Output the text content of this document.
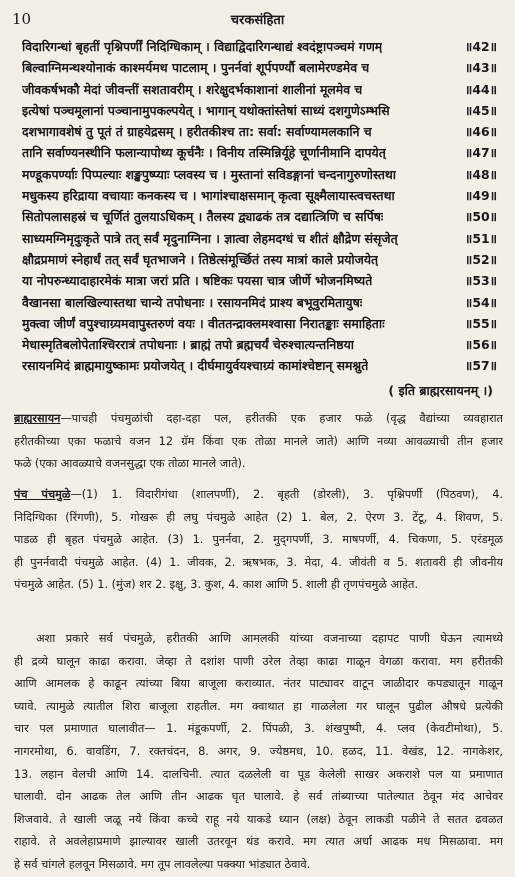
10	चरकसंहिता
विदारिगन्धां बृहतीं पृश्निपर्णीं निदिग्धिकाम् । विद्याद्विदारिगन्धाद्यं श्वदंष्ट्रापञ्चमं गणम्	॥42॥
बिल्वाग्निमन्थश्योनाकं काश्मर्यमथ पाटलाम् । पुनर्नवां शूर्पपर्ण्यौ बलामेरण्डमेव च	॥43॥
जीवकर्षभकौ मेदां जीवन्तीं सशतावरीम् । शरेक्षुदर्भकाशानां शालीनां मूलमेव च	॥44॥
इत्येषां पञ्चमूलानां पञ्चानामुपकल्पयेत् । भागान् यथोक्तांस्तेषां साध्यं दशगुणेऽम्भसि	॥45॥
दशभागावशेषं तु पूतं तं ग्राहयेद्रसम् । हरीतकीश्च ता: सर्वा: सर्वाण्यामलकानि च	॥46॥
तानि सर्वाण्यनस्थीनि फलान्यापोथ्य कूर्चनैः । विनीय तस्मिन्निर्यूहे चूर्णानीमानि दापयेत्	॥47॥
मण्डूकपर्ण्याः पिप्पल्याः शङ्खपुष्प्याः प्लवस्य च । मुस्तानां सविडङ्गानां चन्दनागुरुणोस्तथा	॥48॥
मधुकस्य हरिद्राया वचायाः कनकस्य च । भागांश्चाक्षसमान् कृत्वा सूक्ष्मैलायास्त्वचस्तथा	॥49॥
सितोपलासहस्रं च चूर्णितं तुलयाऽधिकम् । तैलस्य द्व्याढकं तत्र दद्यात्त्रिणि च सर्पिषः	॥50॥
साध्यमग्निमृदुःकृते पात्रे तत् सर्वं मृदुनाग्निना । ज्ञात्वा लेहमदग्धं च शीतं क्षौद्रेण संसृजेत्	॥51॥
क्षौद्रप्रमाणं स्नेहार्धं तत् सर्वं घृतभाजने । तिष्ठेत्संमूर्च्छितं तस्य मात्रां काले प्रयोजयेत्	॥52॥
या नोपरुन्ध्यादाहारमेकं मात्रा जरां प्रति । षष्टिकः पयसा चात्र जीर्णे भोजनमिष्यते	॥53॥
वैखानसा बालखिल्यास्तथा चान्ये तपोधनाः । रसायनमिदं प्राश्य बभूवुरमितायुषः	॥54॥
मुक्त्वा जीर्णं वपुश्चाग्र्यमवापुस्तरुणं वयः । वीततन्द्राक्लमश्वासा निरातङ्काः समाहिताः	॥55॥
मेधास्मृतिबलोपेताश्चिररात्रं तपोधनाः । ब्राह्मं तपो ब्रह्मचर्यं चेरुश्चात्यन्तनिष्ठया	॥56॥
रसायनमिदं ब्राह्ममायुष्कामः प्रयोजयेत् । दीर्घमायुर्वयश्चाग्र्यं कामांश्चेष्टान् समश्नुते	॥57॥
( इति ब्राह्मरसायनम् ।)
ब्राह्मरसायन—पाचही पंचमुळांची दहा-दहा पल, हरीतकी एक हजार फळे (वृद्ध वैद्यांच्या व्यवहारात
हरीतकीच्या एका फळाचे वजन 12 ग्रॅम किंवा एक तोळा मानले जाते) आणि नव्या आवळ्याची तीन हजार
फळे (एका आवळ्याचे वजनसुद्धा एक तोळा मानले जाते).
पंच पंचमुळे—(1) 1. विदारीगंधा (शालपर्णी), 2. बृहती (डोरली), 3. पृश्निपर्णी (पिठवण), 4.
निदिग्धिका (रिंगणी), 5. गोखरू ही लघु पंचमुळे आहेत (2) 1. बेल, 2. ऐरण 3. टेंटू, 4. शिवण, 5.
पाडळ ही बृहत पंचमुळे आहेत. (3) 1. पुनर्नवा, 2. मुद्‌गपर्णी, 3. माषपर्णी, 4. चिकणा, 5. एरंडमूळ
ही पुनर्नवादी पंचमुळे आहेत. (4) 1. जीवक, 2. ऋषभक, 3. मेदा, 4. जीवंती व 5. शतावरी ही जीवनीय
पंचमुळे आहेत. (5) 1. (मुंज) शर 2. इक्षु, 3. कुश, 4. काश आणि 5. शाली ही तृणपंचमुळे आहेत.
अशा प्रकारे सर्व पंचमुळे, हरीतकी आणि आमलकी यांच्या वजनाच्या दहापट पाणी घेऊन त्यामध्ये
ही द्रव्ये घालून काढा करावा. जेव्हा ते दशांश पाणी उरेल तेव्हा काढा गाळून वेगळा करावा. मग हरीतकी
आणि आमलक हे काढून त्यांच्या बिया बाजूला कराव्यात. नंतर पाट्यावर वाटून जाळीदार कपड्यातून गाळून
घ्यावे. त्यामुळे त्यातील शिरा बाजूला राहतील. मग क्वाथात हा गाळलेला गर घालून पुढील औषधे प्रत्येकी
चार पल प्रमाणात घालावीत— 1. मंडूकपर्णी, 2. पिंपळी, 3. शंखपुष्पी, 4. प्लव (केवटीमोथा), 5.
नागरमोथा, 6. वावडिंग, 7. रक्तचंदन, 8. अगर, 9. ज्येष्ठमध, 10. हळद, 11. वेखंड, 12. नागकेशर,
13. लहान वेलची आणि 14. दालचिनी. त्यात दळलेली वा पूड केलेली साखर अकराशे पल या प्रमाणात
घालावी. दोन आढक तेल आणि तीन आढक घृत घालावे. हे सर्व तांब्याच्या पातेल्यात ठेवून मंद आचेवर
शिजवावे. ते खाली जळू नये किंवा कच्चे राहू नये याकडे ध्यान (लक्ष) ठेवून लाकडी पळीने ते सतत ढवळत
राहावे. ते अवलेहाप्रमाणे झाल्यावर खाली उतरवून थंड करावे. मग त्यात अर्धा आढक मध मिसळावा. मग
हे सर्व चांगले हलवून मिसळावे. मग तूप लावलेल्या पक्क्या भांड्यात ठेवावे.
